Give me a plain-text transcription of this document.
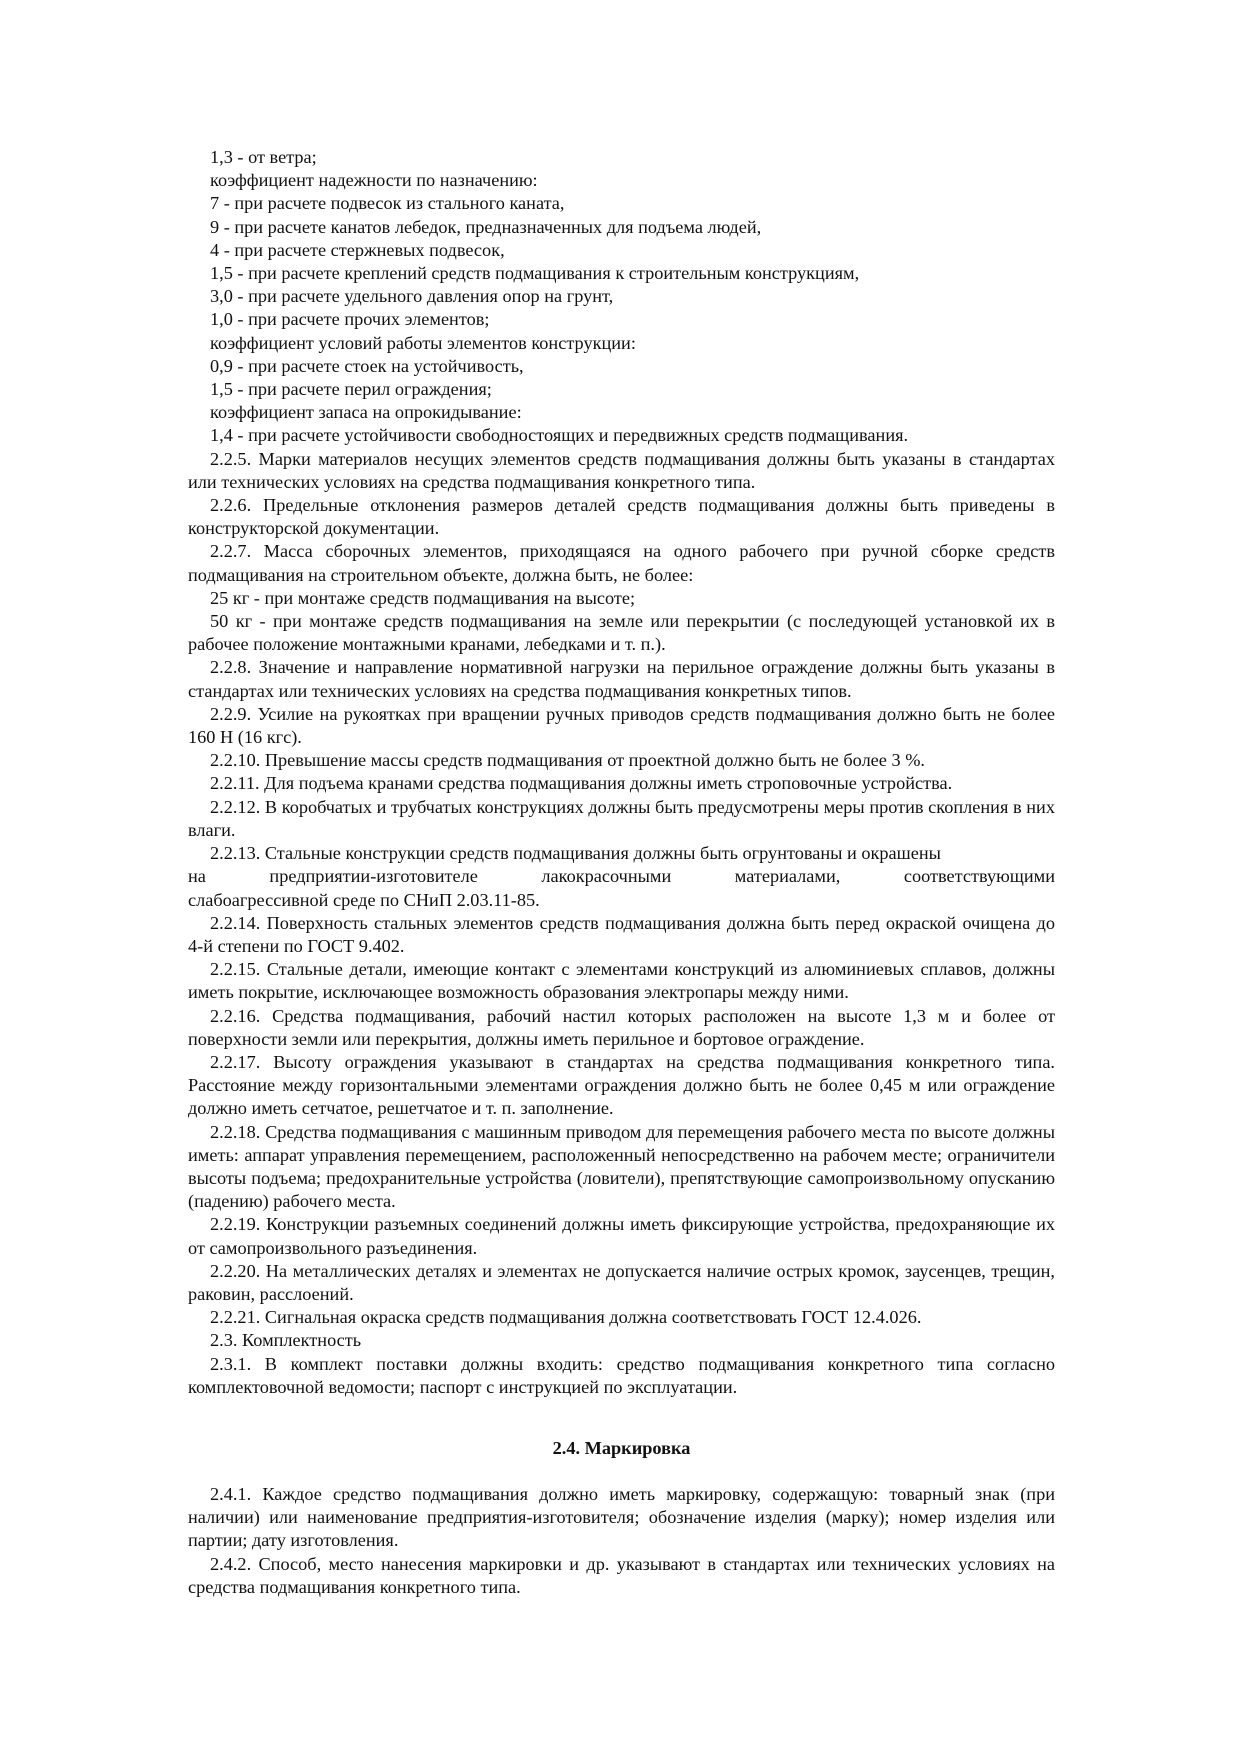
1,3 - от ветра;

коэффициент надежности по назначению:

7 - при расчете подвесок из стального каната,

9 - при расчете канатов лебедок, предназначенных для подъема людей,

4 - при расчете стержневых подвесок,

1,5 - при расчете креплений средств подмащивания к строительным конструкциям,

3,0 - при расчете удельного давления опор на грунт,

1,0 - при расчете прочих элементов;

коэффициент условий работы элементов конструкции:

0,9 - при расчете стоек на устойчивость,

1,5 - при расчете перил ограждения;

коэффициент запаса на опрокидывание:

1,4 - при расчете устойчивости свободностоящих и передвижных средств подмащивания.

2.2.5. Марки материалов несущих элементов средств подмащивания должны быть указаны в стандартах или технических условиях на средства подмащивания конкретного типа.

2.2.6. Предельные отклонения размеров деталей средств подмащивания должны быть приведены в конструкторской документации.

2.2.7. Масса сборочных элементов, приходящаяся на одного рабочего при ручной сборке средств подмащивания на строительном объекте, должна быть, не более:

25 кг - при монтаже средств подмащивания на высоте;

50 кг - при монтаже средств подмащивания на земле или перекрытии (с последующей установкой их в рабочее положение монтажными кранами, лебедками и т. п.).

2.2.8. Значение и направление нормативной нагрузки на перильное ограждение должны быть указаны в стандартах или технических условиях на средства подмащивания конкретных типов.

2.2.9. Усилие на рукоятках при вращении ручных приводов средств подмащивания должно быть не более 160 Н (16 кгс).

2.2.10. Превышение массы средств подмащивания от проектной должно быть не более 3 %.

2.2.11. Для подъема кранами средства подмащивания должны иметь строповочные устройства.

2.2.12. В коробчатых и трубчатых конструкциях должны быть предусмотрены меры против скопления в них влаги.

2.2.13. Стальные конструкции средств подмащивания должны быть огрунтованы и окрашены

на предприятии-изготовителе лакокрасочными материалами, соответствующими

слабоагрессивной среде по СНиП 2.03.11-85.

2.2.14. Поверхность стальных элементов средств подмащивания должна быть перед окраской очищена до 4-й степени по ГОСТ 9.402.

2.2.15. Стальные детали, имеющие контакт с элементами конструкций из алюминиевых сплавов, должны иметь покрытие, исключающее возможность образования электропары между ними.

2.2.16. Средства подмащивания, рабочий настил которых расположен на высоте 1,3 м и более от поверхности земли или перекрытия, должны иметь перильное и бортовое ограждение.

2.2.17. Высоту ограждения указывают в стандартах на средства подмащивания конкретного типа. Расстояние между горизонтальными элементами ограждения должно быть не более 0,45 м или ограждение должно иметь сетчатое, решетчатое и т. п. заполнение.

2.2.18. Средства подмащивания с машинным приводом для перемещения рабочего места по высоте должны иметь: аппарат управления перемещением, расположенный непосредственно на рабочем месте; ограничители высоты подъема; предохранительные устройства (ловители), препятствующие самопроизвольному опусканию (падению) рабочего места.

2.2.19. Конструкции разъемных соединений должны иметь фиксирующие устройства, предохраняющие их от самопроизвольного разъединения.

2.2.20. На металлических деталях и элементах не допускается наличие острых кромок, заусенцев, трещин, раковин, расслоений.

2.2.21. Сигнальная окраска средств подмащивания должна соответствовать ГОСТ 12.4.026.

2.3. Комплектность

2.3.1. В комплект поставки должны входить: средство подмащивания конкретного типа согласно комплектовочной ведомости; паспорт с инструкцией по эксплуатации.

2.4. Маркировка

2.4.1. Каждое средство подмащивания должно иметь маркировку, содержащую: товарный знак (при наличии) или наименование предприятия-изготовителя; обозначение изделия (марку); номер изделия или партии; дату изготовления.

2.4.2. Способ, место нанесения маркировки и др. указывают в стандартах или технических условиях на средства подмащивания конкретного типа.
